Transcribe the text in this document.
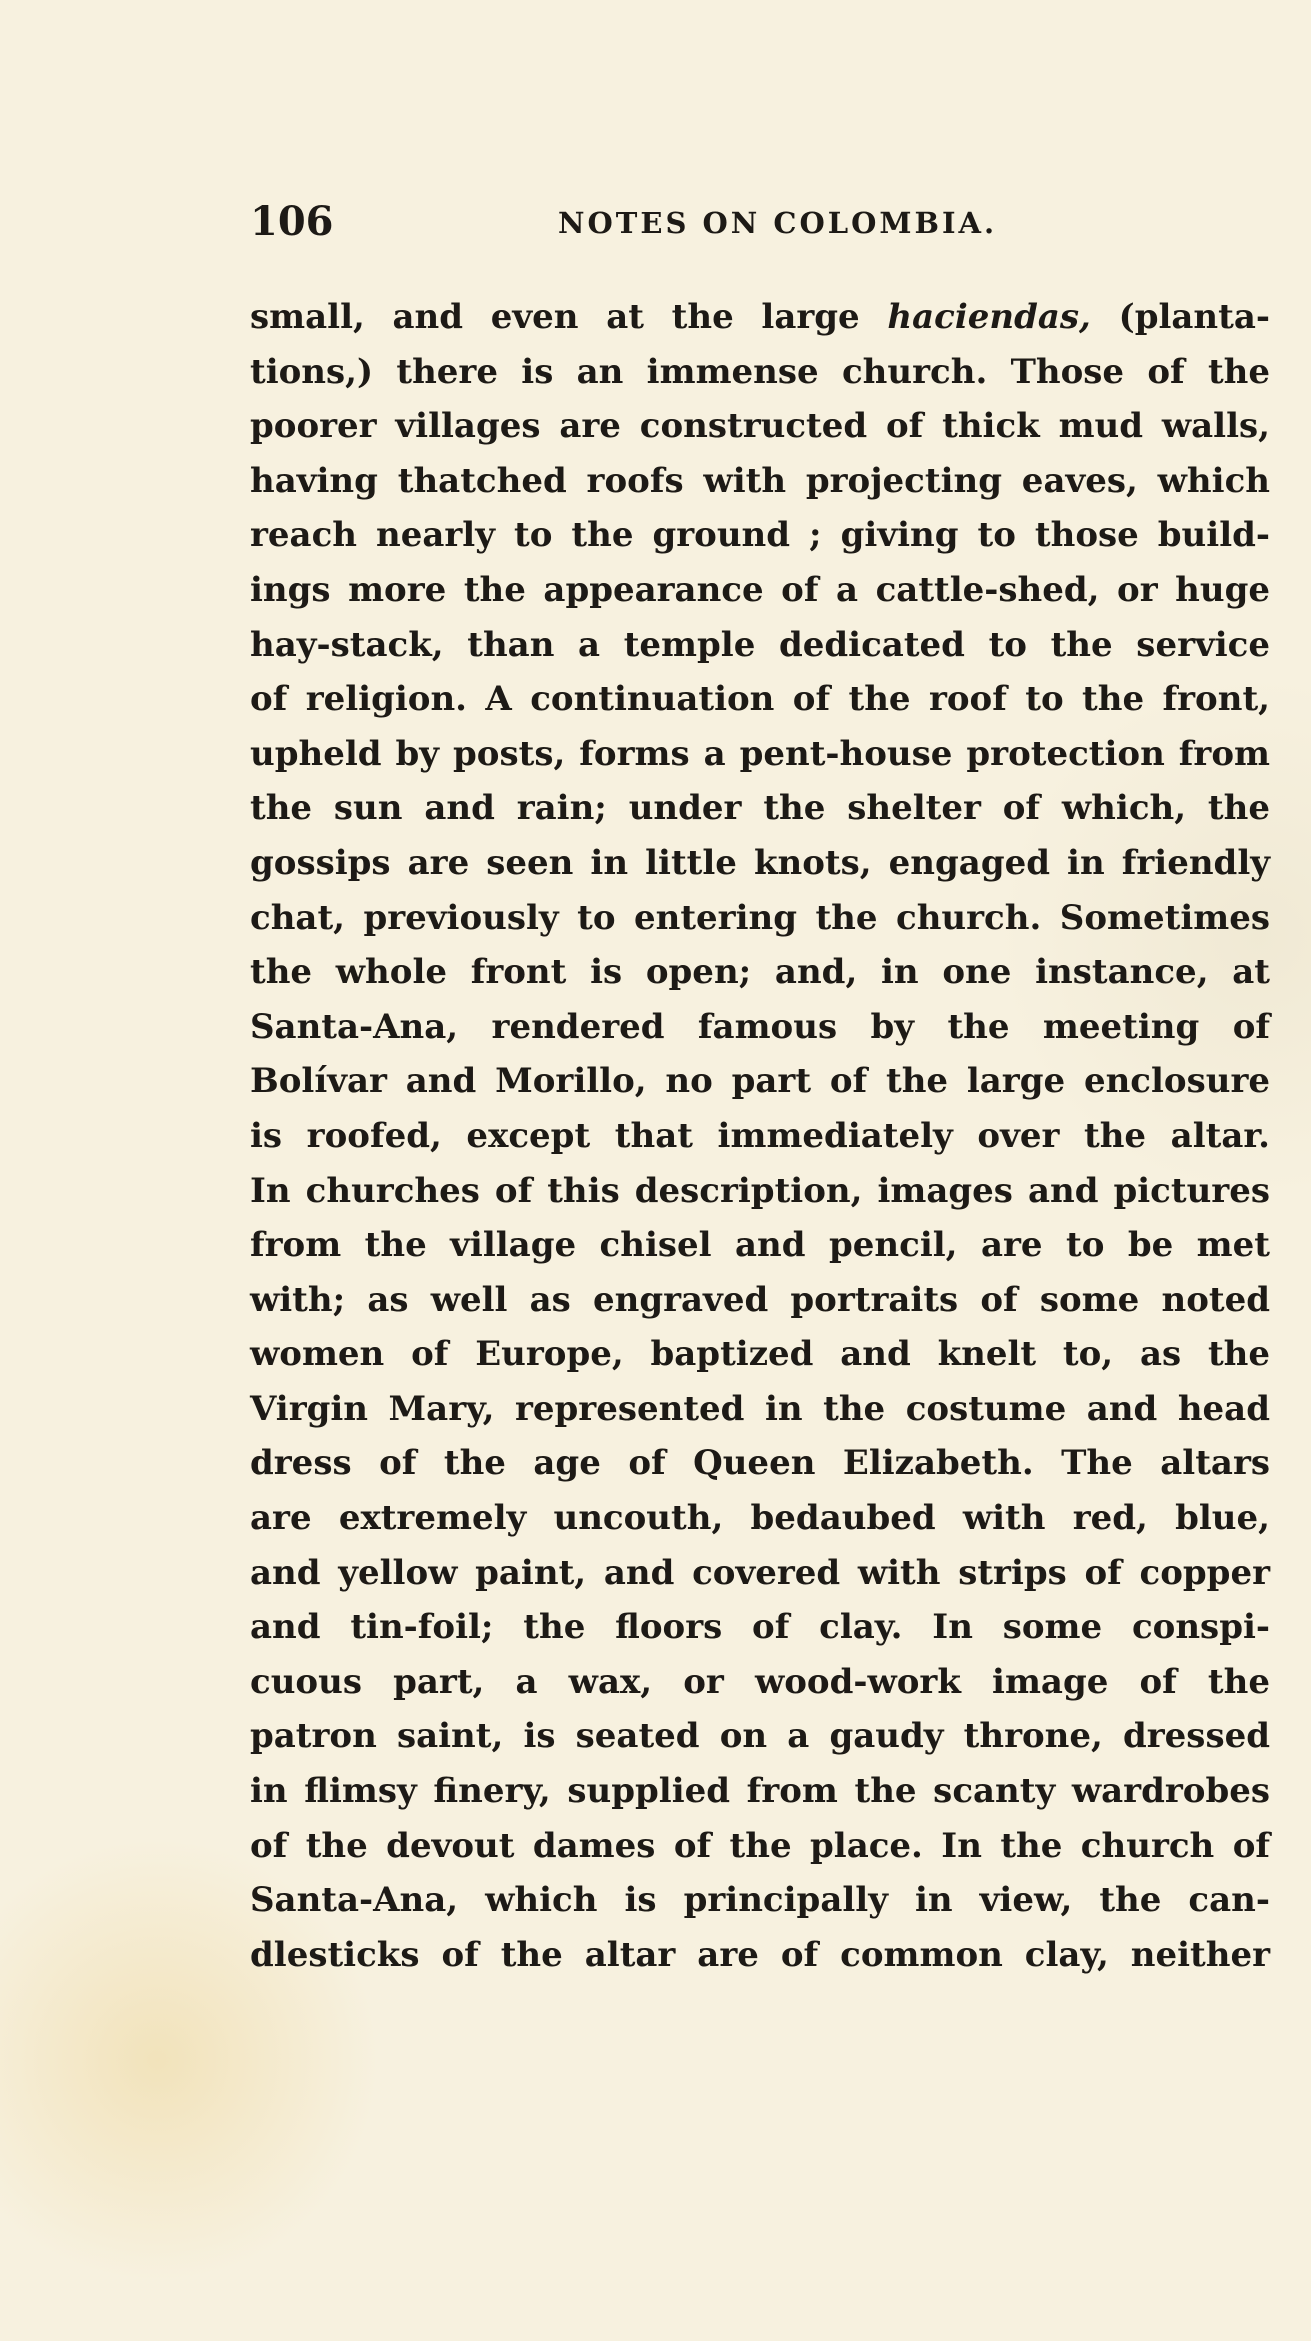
106	NOTES ON COLOMBIA.
small, and even at the large haciendas, (planta-
tions,) there is an immense church. Those of the
poorer villages are constructed of thick mud walls,
having thatched roofs with projecting eaves, which
reach nearly to the ground ; giving to those build-
ings more the appearance of a cattle-shed, or huge
hay-stack, than a temple dedicated to the service
of religion. A continuation of the roof to the front,
upheld by posts, forms a pent-house protection from
the sun and rain; under the shelter of which, the
gossips are seen in little knots, engaged in friendly
chat, previously to entering the church. Sometimes
the whole front is open; and, in one instance, at
Santa-Ana, rendered famous by the meeting of
Bolívar and Morillo, no part of the large enclosure
is roofed, except that immediately over the altar.
In churches of this description, images and pictures
from the village chisel and pencil, are to be met
with; as well as engraved portraits of some noted
women of Europe, baptized and knelt to, as the
Virgin Mary, represented in the costume and head
dress of the age of Queen Elizabeth. The altars
are extremely uncouth, bedaubed with red, blue,
and yellow paint, and covered with strips of copper
and tin-foil; the floors of clay. In some conspi-
cuous part, a wax, or wood-work image of the
patron saint, is seated on a gaudy throne, dressed
in flimsy finery, supplied from the scanty wardrobes
of the devout dames of the place. In the church of
Santa-Ana, which is principally in view, the can-
dlesticks of the altar are of common clay, neither
